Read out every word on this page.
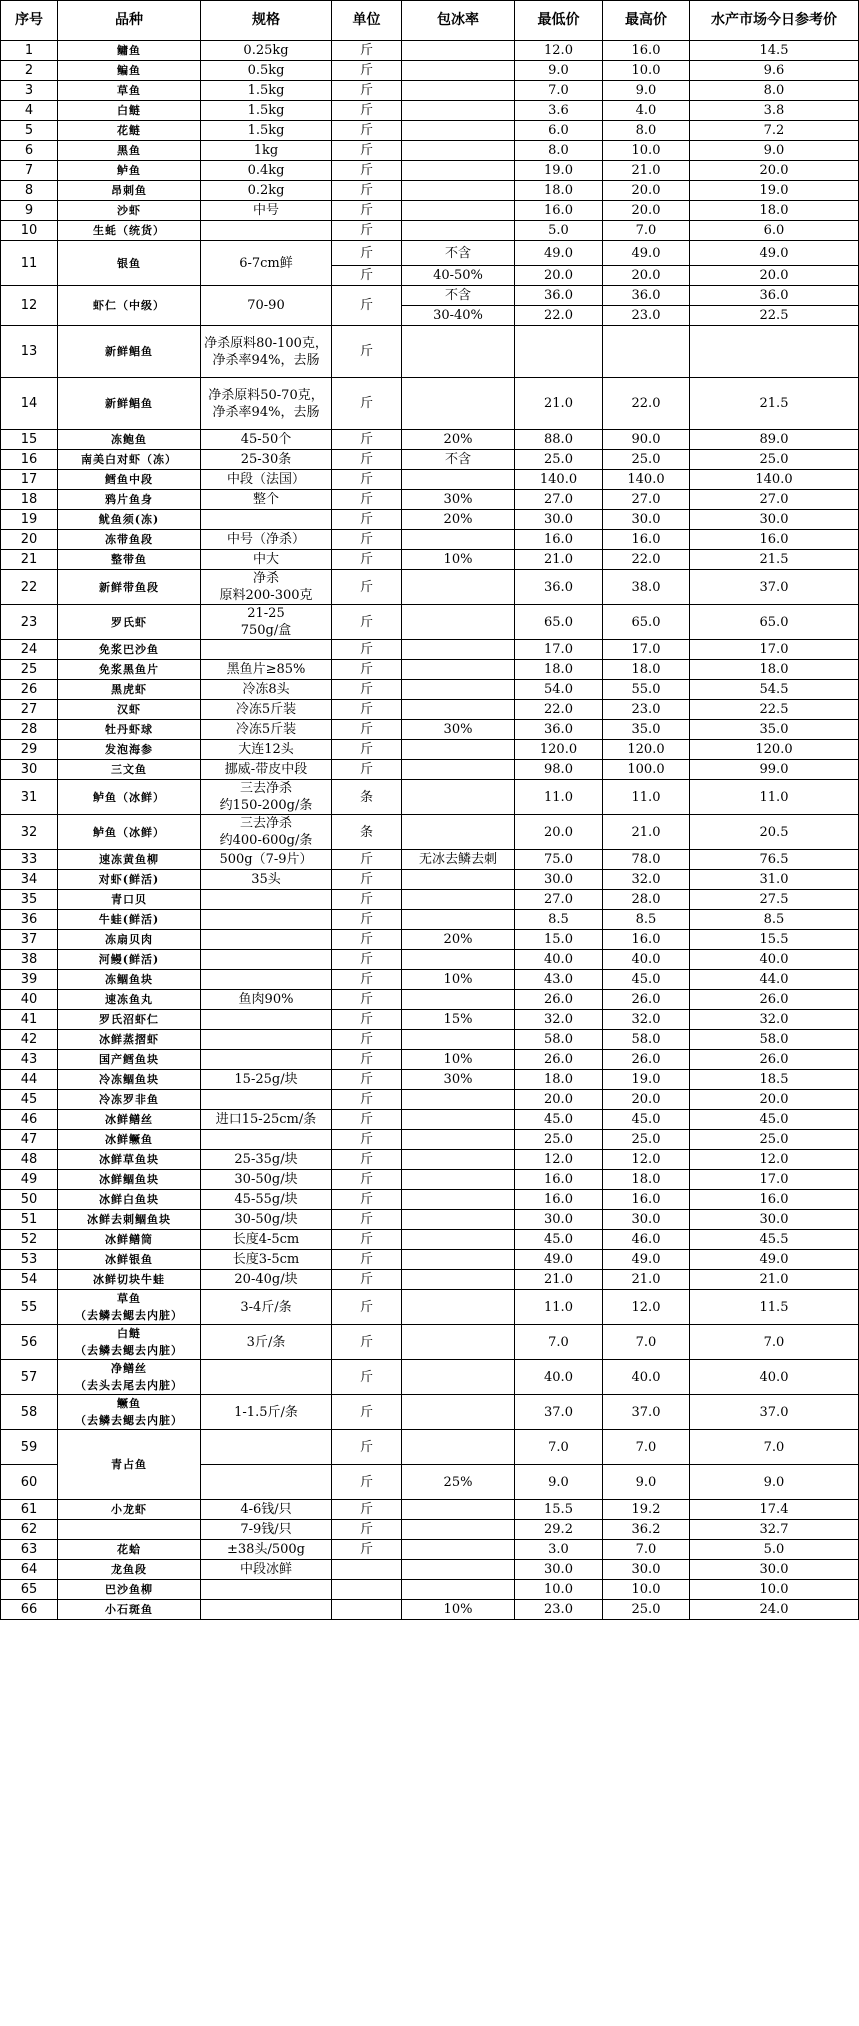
序号	品种	规格	单位	包冰率	最低价	最高价	水产市场今日参考价
1	鳙鱼	0.25kg	斤		12.0	16.0	14.5
2	鳊鱼	0.5kg	斤		9.0	10.0	9.6
3	草鱼	1.5kg	斤		7.0	9.0	8.0
4	白鲢	1.5kg	斤		3.6	4.0	3.8
5	花鲢	1.5kg	斤		6.0	8.0	7.2
6	黑鱼	1kg	斤		8.0	10.0	9.0
7	鲈鱼	0.4kg	斤		19.0	21.0	20.0
8	昂刺鱼	0.2kg	斤		18.0	20.0	19.0
9	沙虾	中号	斤		16.0	20.0	18.0
10	生蚝（统货）		斤		5.0	7.0	6.0
11	银鱼	6-7cm鲜	斤	不含	49.0	49.0	49.0
			斤	40-50%	20.0	20.0	20.0
12	虾仁（中级）	70-90	斤	不含	36.0	36.0	36.0
				30-40%	22.0	23.0	22.5
13	新鲜鲳鱼	净杀原料80-100克，净杀率94%，去肠	斤				
14	新鲜鲳鱼	净杀原料50-70克，净杀率94%，去肠	斤		21.0	22.0	21.5
15	冻鲍鱼	45-50个	斤	20%	88.0	90.0	89.0
16	南美白对虾（冻）	25-30条	斤	不含	25.0	25.0	25.0
17	鳕鱼中段	中段（法国）	斤		140.0	140.0	140.0
18	鸦片鱼身	整个	斤	30%	27.0	27.0	27.0
19	鱿鱼须(冻)		斤	20%	30.0	30.0	30.0
20	冻带鱼段	中号（净杀）	斤		16.0	16.0	16.0
21	整带鱼	中大	斤	10%	21.0	22.0	21.5
22	新鲜带鱼段	净杀
原料200-300克	斤		36.0	38.0	37.0
23	罗氏虾	21-25
750g/盒	斤		65.0	65.0	65.0
24	免浆巴沙鱼		斤		17.0	17.0	17.0
25	免浆黑鱼片	黑鱼片≥85%	斤		18.0	18.0	18.0
26	黑虎虾	冷冻8头	斤		54.0	55.0	54.5
27	汉虾	冷冻5斤装	斤		22.0	23.0	22.5
28	牡丹虾球	冷冻5斤装	斤	30%	36.0	35.0	35.0
29	发泡海参	大连12头	斤		120.0	120.0	120.0
30	三文鱼	挪威-带皮中段	斤		98.0	100.0	99.0
31	鲈鱼（冰鲜）	三去净杀
约150-200g/条	条		11.0	11.0	11.0
32	鲈鱼（冰鲜）	三去净杀
约400-600g/条	条		20.0	21.0	20.5
33	速冻黄鱼柳	500g（7-9片）	斤	无冰去鳞去刺	75.0	78.0	76.5
34	对虾(鲜活)	35头	斤		30.0	32.0	31.0
35	青口贝		斤		27.0	28.0	27.5
36	牛蛙(鲜活)		斤		8.5	8.5	8.5
37	冻扇贝肉		斤	20%	15.0	16.0	15.5
38	河鳗(鲜活)		斤		40.0	40.0	40.0
39	冻鲴鱼块		斤	10%	43.0	45.0	44.0
40	速冻鱼丸	鱼肉90%	斤		26.0	26.0	26.0
41	罗氏沼虾仁		斤	15%	32.0	32.0	32.0
42	冰鲜蒸摺虾		斤		58.0	58.0	58.0
43	国产鳕鱼块		斤	10%	26.0	26.0	26.0
44	冷冻鲴鱼块	15-25g/块	斤	30%	18.0	19.0	18.5
45	冷冻罗非鱼		斤		20.0	20.0	20.0
46	冰鲜鳝丝	进口15-25cm/条	斤		45.0	45.0	45.0
47	冰鲜鳜鱼		斤		25.0	25.0	25.0
48	冰鲜草鱼块	25-35g/块	斤		12.0	12.0	12.0
49	冰鲜鲴鱼块	30-50g/块	斤		16.0	18.0	17.0
50	冰鲜白鱼块	45-55g/块	斤		16.0	16.0	16.0
51	冰鲜去刺鲴鱼块	30-50g/块	斤		30.0	30.0	30.0
52	冰鲜鳝筒	长度4-5cm	斤		45.0	46.0	45.5
53	冰鲜银鱼	长度3-5cm	斤		49.0	49.0	49.0
54	冰鲜切块牛蛙	20-40g/块	斤		21.0	21.0	21.0
55	草鱼
（去鳞去鳃去内脏）	3-4斤/条	斤		11.0	12.0	11.5
56	白鲢
（去鳞去鳃去内脏）	3斤/条	斤		7.0	7.0	7.0
57	净鳝丝
（去头去尾去内脏）		斤		40.0	40.0	40.0
58	鳜鱼
（去鳞去鳃去内脏）	1-1.5斤/条	斤		37.0	37.0	37.0
59	青占鱼		斤		7.0	7.0	7.0
60			斤	25%	9.0	9.0	9.0
61	小龙虾	4-6钱/只	斤		15.5	19.2	17.4
62		7-9钱/只	斤		29.2	36.2	32.7
63	花蛤	±38头/500g	斤		3.0	7.0	5.0
64	龙鱼段	中段冰鲜			30.0	30.0	30.0
65	巴沙鱼柳				10.0	10.0	10.0
66	小石斑鱼			10%	23.0	25.0	24.0
